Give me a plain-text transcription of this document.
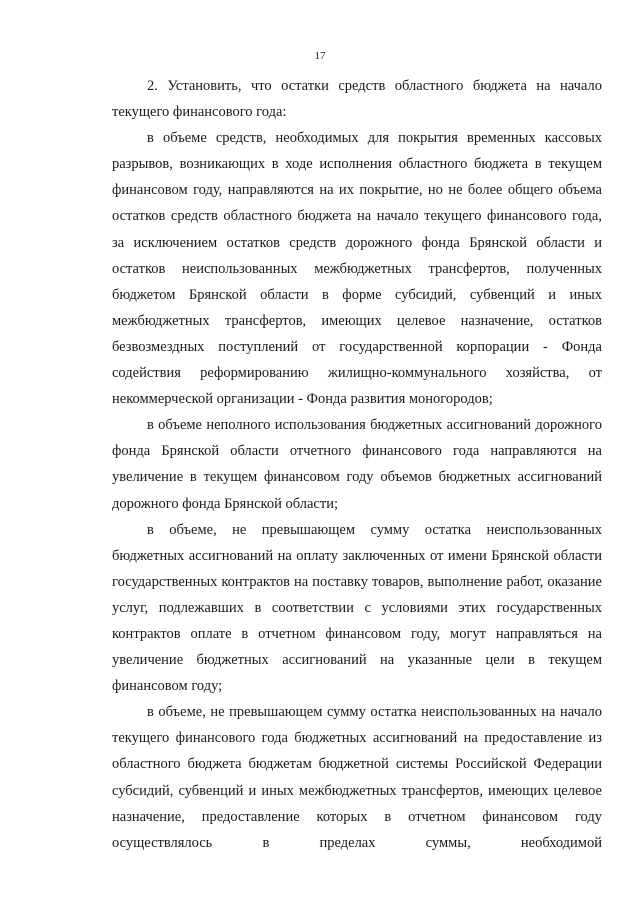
17

2. Установить, что остатки средств областного бюджета на начало текущего финансового года:

в объеме средств, необходимых для покрытия временных кассовых разрывов, возникающих в ходе исполнения областного бюджета в текущем финансовом году, направляются на их покрытие, но не более общего объема остатков средств областного бюджета на начало текущего финансового года, за исключением остатков средств дорожного фонда Брянской области и остатков неиспользованных межбюджетных трансфертов, полученных бюджетом Брянской области в форме субсидий, субвенций и иных межбюджетных трансфертов, имеющих целевое назначение, остатков безвозмездных поступлений от государственной корпорации - Фонда содействия реформированию жилищно-коммунального хозяйства, от некоммерческой организации - Фонда развития моногородов;

в объеме неполного использования бюджетных ассигнований дорожного фонда Брянской области отчетного финансового года направляются на увеличение в текущем финансовом году объемов бюджетных ассигнований дорожного фонда Брянской области;

в объеме, не превышающем сумму остатка неиспользованных бюджетных ассигнований на оплату заключенных от имени Брянской области государственных контрактов на поставку товаров, выполнение работ, оказание услуг, подлежавших в соответствии с условиями этих государственных контрактов оплате в отчетном финансовом году, могут направляться на увеличение бюджетных ассигнований на указанные цели в текущем финансовом году;

в объеме, не превышающем сумму остатка неиспользованных на начало текущего финансового года бюджетных ассигнований на предоставление из областного бюджета бюджетам бюджетной системы Российской Федерации субсидий, субвенций и иных межбюджетных трансфертов, имеющих целевое назначение, предоставление которых в отчетном финансовом году осуществлялось в пределах суммы, необходимой
